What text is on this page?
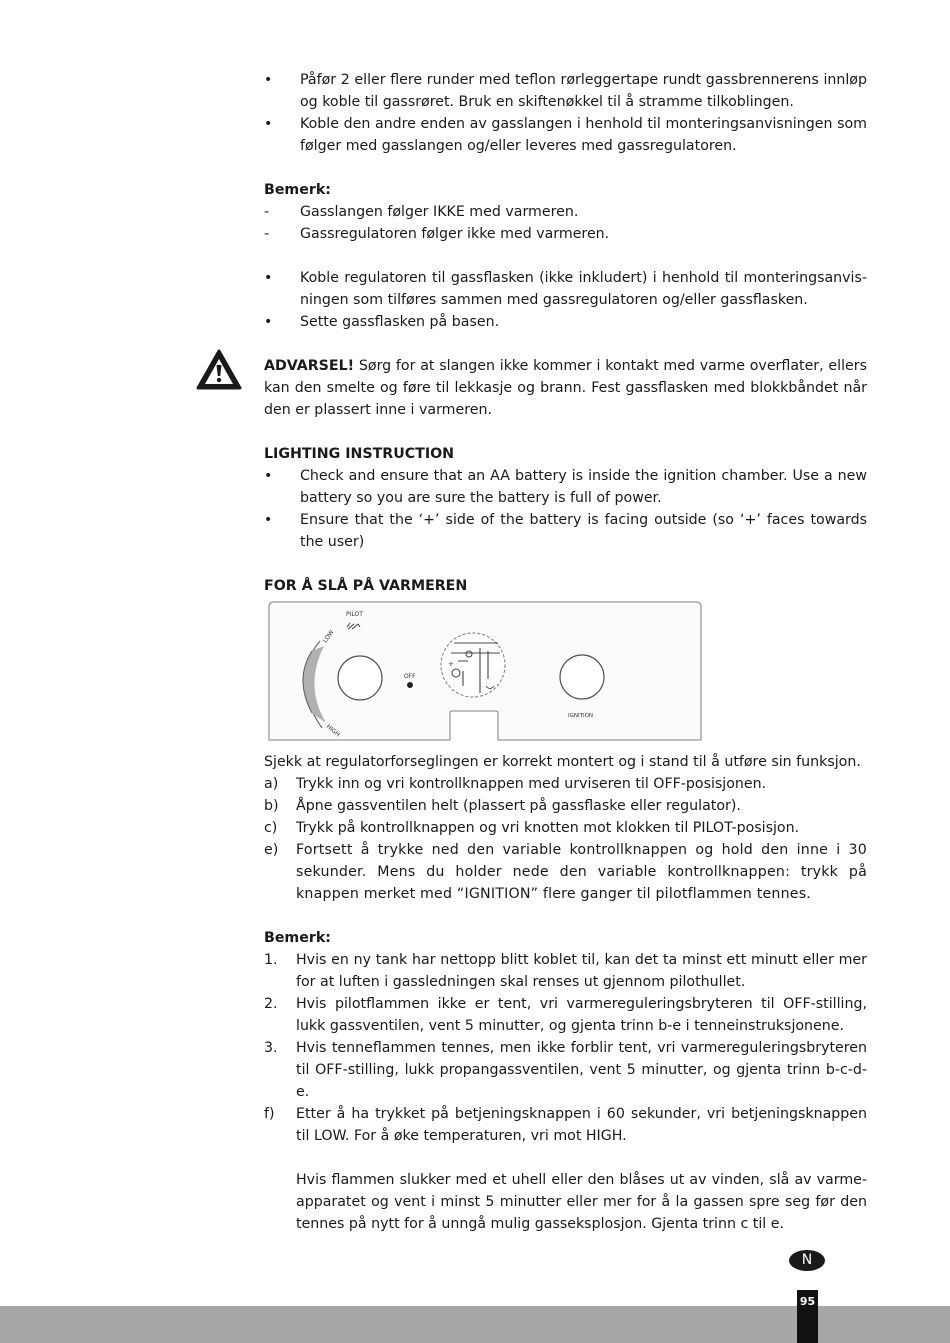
•	Påfør 2 eller flere runder med teflon rørleggertape rundt gassbrennerens innløp og koble til gassrøret. Bruk en skiftenøkkel til å stramme tilkoblingen.
•	Koble den andre enden av gasslangen i henhold til monteringsanvisningen som følger med gasslangen og/eller leveres med gassregulatoren.
Bemerk:
-	Gasslangen følger IKKE med varmeren.
-	Gassregulatoren følger ikke med varmeren.
•	Koble regulatoren til gassflasken (ikke inkludert) i henhold til monteringsanvis-ningen som tilføres sammen med gassregulatoren og/eller gassflasken.
•	Sette gassflasken på basen.
ADVARSEL! Sørg for at slangen ikke kommer i kontakt med varme overflater, ellers kan den smelte og føre til lekkasje og brann. Fest gassflasken med blokkbåndet når den er plassert inne i varmeren.
LIGHTING INSTRUCTION
•	Check and ensure that an AA battery is inside the ignition chamber. Use a new battery so you are sure the battery is full of power.
•	Ensure that the ‘+’ side of the battery is facing outside (so ‘+’ faces towards the user)
FOR Å SLÅ PÅ VARMEREN
Sjekk at regulatorforseglingen er korrekt montert og i stand til å utføre sin funksjon.
a)	Trykk inn og vri kontrollknappen med urviseren til OFF-posisjonen.
b)	Åpne gassventilen helt (plassert på gassflaske eller regulator).
c)	Trykk på kontrollknappen og vri knotten mot klokken til PILOT-posisjon.
e)	Fortsett å trykke ned den variable kontrollknappen og hold den inne i 30 sekunder. Mens du holder nede den variable kontrollknappen: trykk på knappen merket med “IGNITION” flere ganger til pilotflammen tennes.
Bemerk:
1.	Hvis en ny tank har nettopp blitt koblet til, kan det ta minst ett minutt eller mer for at luften i gassledningen skal renses ut gjennom pilothullet.
2.	Hvis pilotflammen ikke er tent, vri varmereguleringsbryteren til OFF-stilling, lukk gassventilen, vent 5 minutter, og gjenta trinn b-e i tenneinstruksjonene.
3.	Hvis tenneflammen tennes, men ikke forblir tent, vri varmereguleringsbryteren til OFF-stilling, lukk propangassventilen, vent 5 minutter, og gjenta trinn b-c-d-e.
f)	Etter å ha trykket på betjeningsknappen i 60 sekunder, vri betjeningsknappen til LOW. For å øke temperaturen, vri mot HIGH.
Hvis flammen slukker med et uhell eller den blåses ut av vinden, slå av varme-apparatet og vent i minst 5 minutter eller mer for å la gassen spre seg før den tennes på nytt for å unngå mulig gasseksplosjon. Gjenta trinn c til e.
LOW
HIGH
PILOT
OFF
+
IGNITION
N
95
